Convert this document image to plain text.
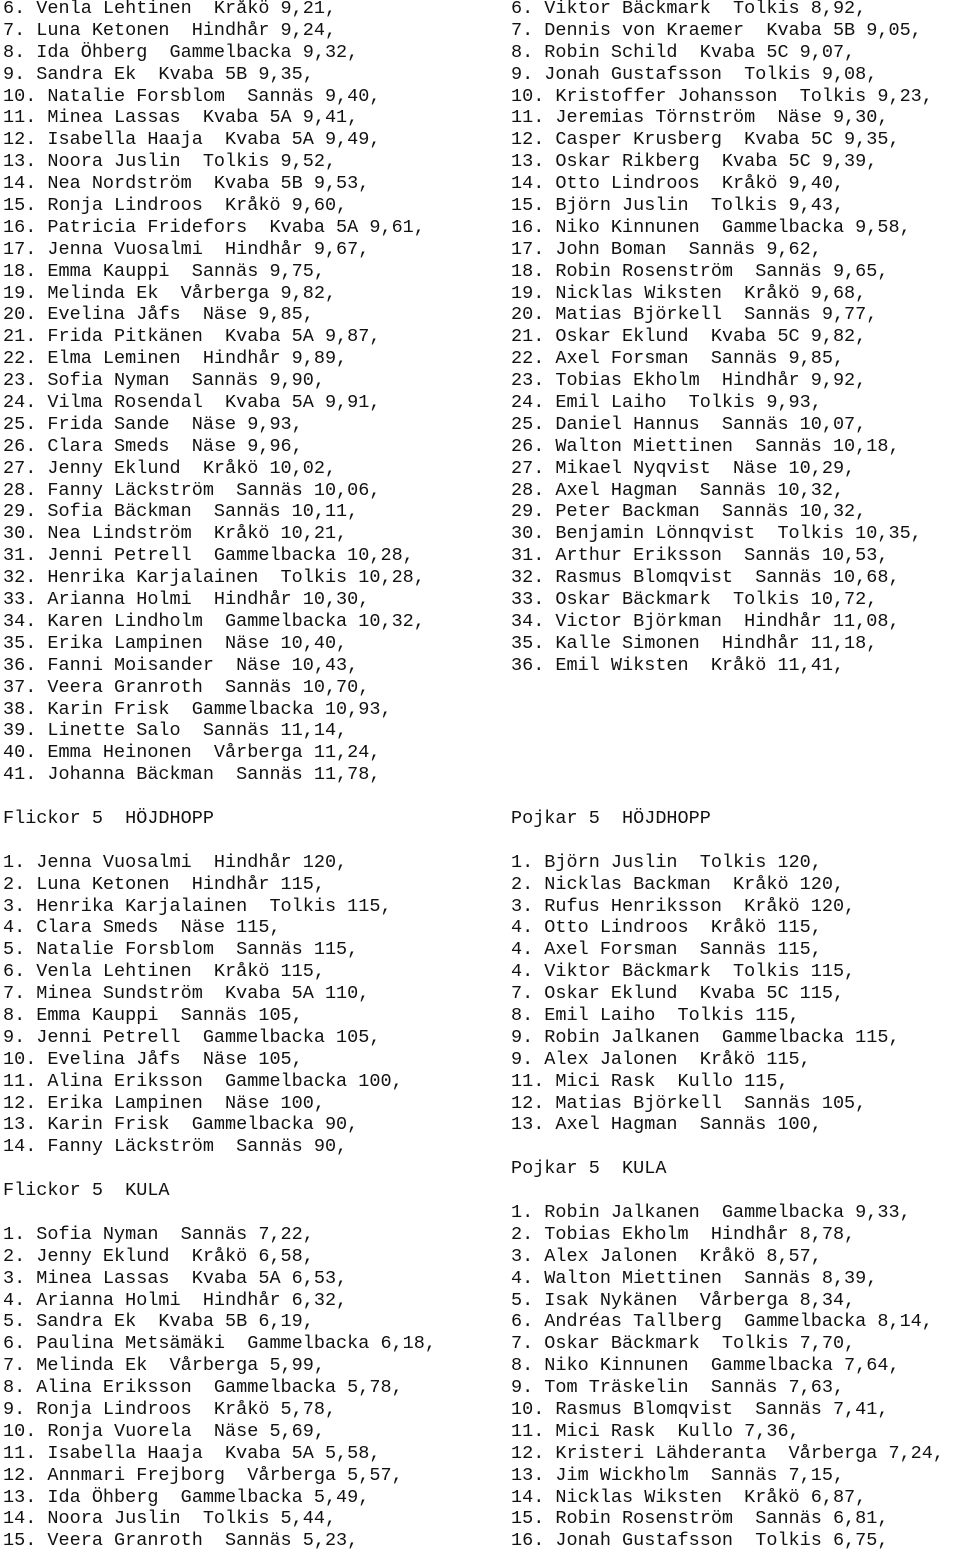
6. Venla Lehtinen  Kråkö 9,21,
7. Luna Ketonen  Hindhår 9,24,
8. Ida Öhberg  Gammelbacka 9,32,
9. Sandra Ek  Kvaba 5B 9,35,
10. Natalie Forsblom  Sannäs 9,40,
11. Minea Lassas  Kvaba 5A 9,41,
12. Isabella Haaja  Kvaba 5A 9,49,
13. Noora Juslin  Tolkis 9,52,
14. Nea Nordström  Kvaba 5B 9,53,
15. Ronja Lindroos  Kråkö 9,60,
16. Patricia Fridefors  Kvaba 5A 9,61,
17. Jenna Vuosalmi  Hindhår 9,67,
18. Emma Kauppi  Sannäs 9,75,
19. Melinda Ek  Vårberga 9,82,
20. Evelina Jåfs  Näse 9,85,
21. Frida Pitkänen  Kvaba 5A 9,87,
22. Elma Leminen  Hindhår 9,89,
23. Sofia Nyman  Sannäs 9,90,
24. Vilma Rosendal  Kvaba 5A 9,91,
25. Frida Sande  Näse 9,93,
26. Clara Smeds  Näse 9,96,
27. Jenny Eklund  Kråkö 10,02,
28. Fanny Läckström  Sannäs 10,06,
29. Sofia Bäckman  Sannäs 10,11,
30. Nea Lindström  Kråkö 10,21,
31. Jenni Petrell  Gammelbacka 10,28,
32. Henrika Karjalainen  Tolkis 10,28,
33. Arianna Holmi  Hindhår 10,30,
34. Karen Lindholm  Gammelbacka 10,32,
35. Erika Lampinen  Näse 10,40,
36. Fanni Moisander  Näse 10,43,
37. Veera Granroth  Sannäs 10,70,
38. Karin Frisk  Gammelbacka 10,93,
39. Linette Salo  Sannäs 11,14,
40. Emma Heinonen  Vårberga 11,24,
41. Johanna Bäckman  Sannäs 11,78,
Flickor 5  HÖJDHOPP
1. Jenna Vuosalmi  Hindhår 120,
2. Luna Ketonen  Hindhår 115,
3. Henrika Karjalainen  Tolkis 115,
4. Clara Smeds  Näse 115,
5. Natalie Forsblom  Sannäs 115,
6. Venla Lehtinen  Kråkö 115,
7. Minea Sundström  Kvaba 5A 110,
8. Emma Kauppi  Sannäs 105,
9. Jenni Petrell  Gammelbacka 105,
10. Evelina Jåfs  Näse 105,
11. Alina Eriksson  Gammelbacka 100,
12. Erika Lampinen  Näse 100,
13. Karin Frisk  Gammelbacka 90,
14. Fanny Läckström  Sannäs 90,
Flickor 5  KULA
1. Sofia Nyman  Sannäs 7,22,
2. Jenny Eklund  Kråkö 6,58,
3. Minea Lassas  Kvaba 5A 6,53,
4. Arianna Holmi  Hindhår 6,32,
5. Sandra Ek  Kvaba 5B 6,19,
6. Paulina Metsämäki  Gammelbacka 6,18,
7. Melinda Ek  Vårberga 5,99,
8. Alina Eriksson  Gammelbacka 5,78,
9. Ronja Lindroos  Kråkö 5,78,
10. Ronja Vuorela  Näse 5,69,
11. Isabella Haaja  Kvaba 5A 5,58,
12. Annmari Frejborg  Vårberga 5,57,
13. Ida Öhberg  Gammelbacka 5,49,
14. Noora Juslin  Tolkis 5,44,
15. Veera Granroth  Sannäs 5,23,

6. Viktor Bäckmark  Tolkis 8,92,
7. Dennis von Kraemer  Kvaba 5B 9,05,
8. Robin Schild  Kvaba 5C 9,07,
9. Jonah Gustafsson  Tolkis 9,08,
10. Kristoffer Johansson  Tolkis 9,23,
11. Jeremias Törnström  Näse 9,30,
12. Casper Krusberg  Kvaba 5C 9,35,
13. Oskar Rikberg  Kvaba 5C 9,39,
14. Otto Lindroos  Kråkö 9,40,
15. Björn Juslin  Tolkis 9,43,
16. Niko Kinnunen  Gammelbacka 9,58,
17. John Boman  Sannäs 9,62,
18. Robin Rosenström  Sannäs 9,65,
19. Nicklas Wiksten  Kråkö 9,68,
20. Matias Björkell  Sannäs 9,77,
21. Oskar Eklund  Kvaba 5C 9,82,
22. Axel Forsman  Sannäs 9,85,
23. Tobias Ekholm  Hindhår 9,92,
24. Emil Laiho  Tolkis 9,93,
25. Daniel Hannus  Sannäs 10,07,
26. Walton Miettinen  Sannäs 10,18,
27. Mikael Nyqvist  Näse 10,29,
28. Axel Hagman  Sannäs 10,32,
29. Peter Backman  Sannäs 10,32,
30. Benjamin Lönnqvist  Tolkis 10,35,
31. Arthur Eriksson  Sannäs 10,53,
32. Rasmus Blomqvist  Sannäs 10,68,
33. Oskar Bäckmark  Tolkis 10,72,
34. Victor Björkman  Hindhår 11,08,
35. Kalle Simonen  Hindhår 11,18,
36. Emil Wiksten  Kråkö 11,41,
Pojkar 5  HÖJDHOPP
1. Björn Juslin  Tolkis 120,
2. Nicklas Backman  Kråkö 120,
3. Rufus Henriksson  Kråkö 120,
4. Otto Lindroos  Kråkö 115,
4. Axel Forsman  Sannäs 115,
4. Viktor Bäckmark  Tolkis 115,
7. Oskar Eklund  Kvaba 5C 115,
8. Emil Laiho  Tolkis 115,
9. Robin Jalkanen  Gammelbacka 115,
9. Alex Jalonen  Kråkö 115,
11. Mici Rask  Kullo 115,
12. Matias Björkell  Sannäs 105,
13. Axel Hagman  Sannäs 100,
Pojkar 5  KULA
1. Robin Jalkanen  Gammelbacka 9,33,
2. Tobias Ekholm  Hindhår 8,78,
3. Alex Jalonen  Kråkö 8,57,
4. Walton Miettinen  Sannäs 8,39,
5. Isak Nykänen  Vårberga 8,34,
6. Andréas Tallberg  Gammelbacka 8,14,
7. Oskar Bäckmark  Tolkis 7,70,
8. Niko Kinnunen  Gammelbacka 7,64,
9. Tom Träskelin  Sannäs 7,63,
10. Rasmus Blomqvist  Sannäs 7,41,
11. Mici Rask  Kullo 7,36,
12. Kristeri Lähderanta  Vårberga 7,24,
13. Jim Wickholm  Sannäs 7,15,
14. Nicklas Wiksten  Kråkö 6,87,
15. Robin Rosenström  Sannäs 6,81,
16. Jonah Gustafsson  Tolkis 6,75,
